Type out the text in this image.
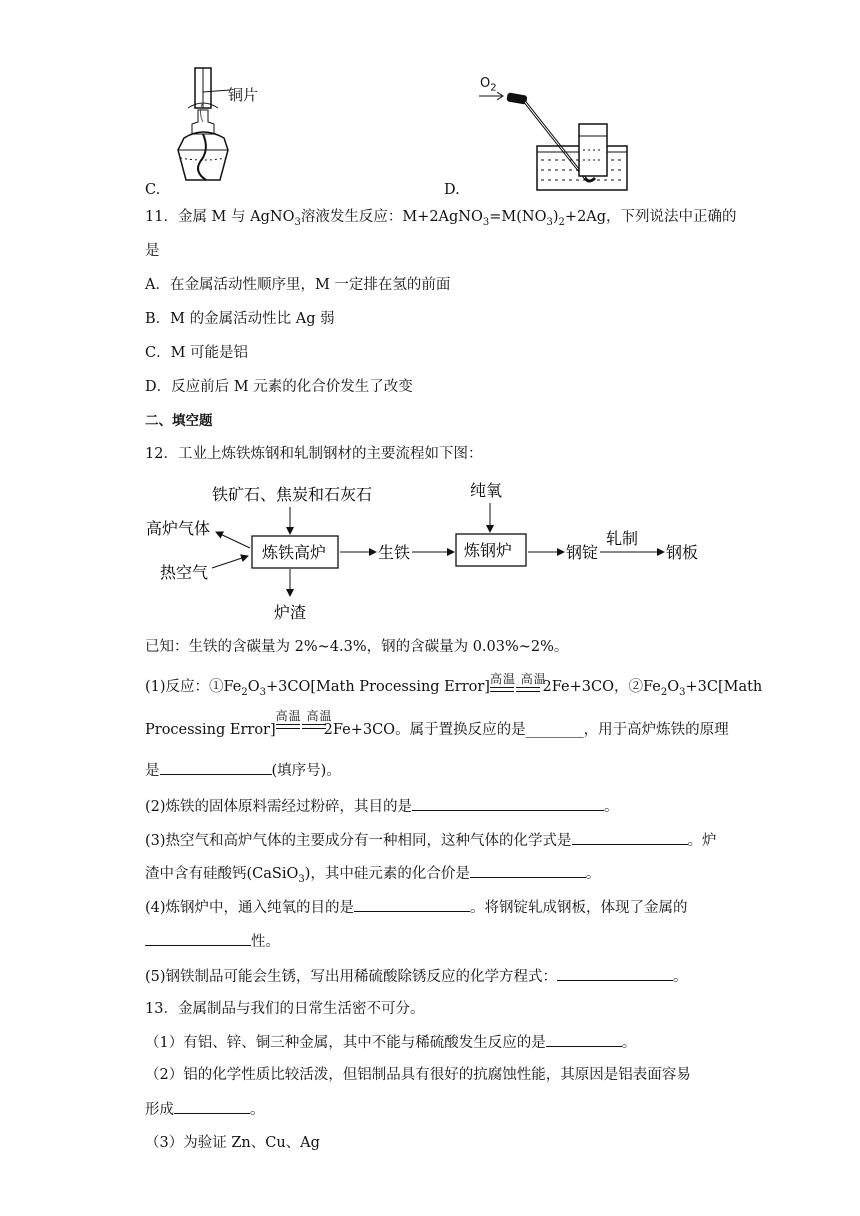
铜片
C.
$O_2$
D.
11．金属 M 与 AgNO$_3$溶液发生反应：$M+2AgNO_3=M(NO_3)_2+2Ag$，下列说法中正确的
是
A．在金属活动性顺序里，M 一定排在氢的前面
B．M 的金属活动性比 Ag 弱
C．M 可能是铝
D．反应前后 M 元素的化合价发生了改变
二、填空题
12．工业上炼铁炼钢和轧制钢材的主要流程如下图：
铁矿石、焦炭和石灰石
炼铁高炉
高炉气体
热空气
炉渣
生铁
纯氧
炼钢炉	钢锭
轧制
钢板
已知：生铁的含碳量为 2%~4.3%，钢的含碳量为 0.03%~2%。
(1)反应：$①Fe_2O_3+3CO[Math$ Processing Error]
高温 高温
2Fe+3CO，$②Fe_2O_3+3C[Math$
Processing Error]
高温 高温
2Fe+3CO。属于置换反应的是________，用于高炉炼铁的原理
是	(填序号)。
(2)炼铁的固体原料需经过粉碎，其目的是	。
(3)热空气和高炉气体的主要成分有一种相同，这种气体的化学式是	。炉
渣中含有硅酸钙(CaSiO$_3$)，其中硅元素的化合价是	。
(4)炼钢炉中，通入纯氧的目的是	。将钢锭轧成钢板，体现了金属的
性。
(5)钢铁制品可能会生锈，写出用稀硫酸除锈反应的化学方程式：	。
13．金属制品与我们的日常生活密不可分。
（1）有铝、锌、铜三种金属，其中不能与稀硫酸发生反应的是	。
（2）铝的化学性质比较活泼，但铝制品具有很好的抗腐蚀性能，其原因是铝表面容易
形成	。
（3）为验证 Zn、Cu、Ag
